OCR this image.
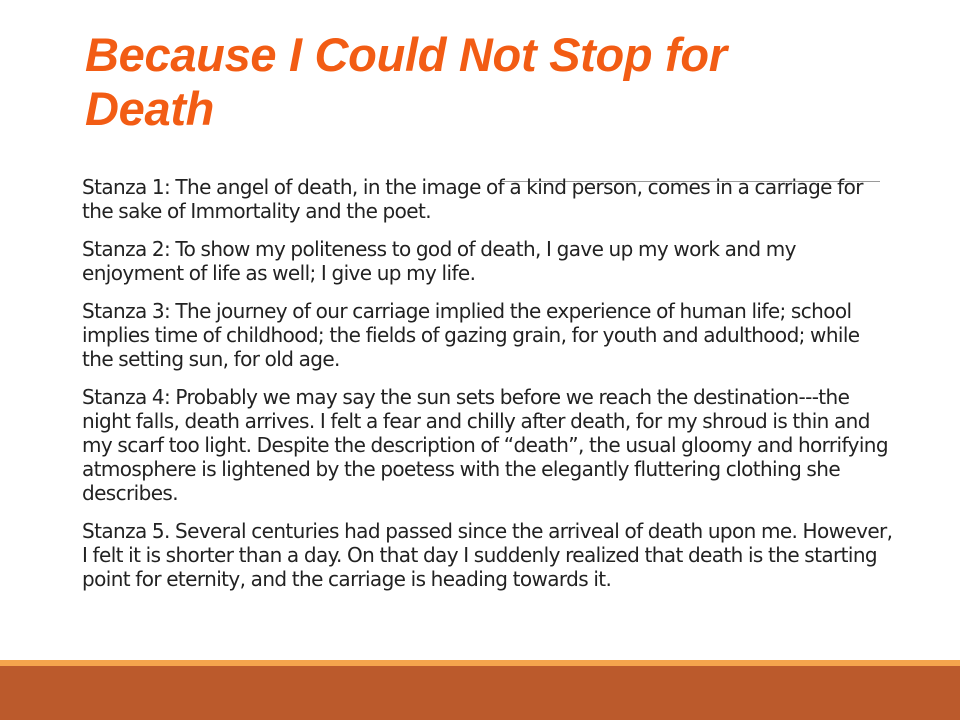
Because I Could Not Stop for Death

Stanza 1: The angel of death, in the image of a kind person, comes in a carriage for the sake of Immortality and the poet.

Stanza 2: To show my politeness to god of death, I gave up my work and my enjoyment of life as well; I give up my life.

Stanza 3: The journey of our carriage implied the experience of human life; school implies time of childhood; the fields of gazing grain, for youth and adulthood; while the setting sun, for old age.

Stanza 4: Probably we may say the sun sets before we reach the destination---the night falls, death arrives. I felt a fear and chilly after death, for my shroud is thin and my scarf too light. Despite the description of “death”, the usual gloomy and horrifying atmosphere is lightened by the poetess with the elegantly fluttering clothing she describes.

Stanza 5. Several centuries had passed since the arriveal of death upon me. However, I felt it is shorter than a day. On that day I suddenly realized that death is the starting point for eternity, and the carriage is heading towards it.
